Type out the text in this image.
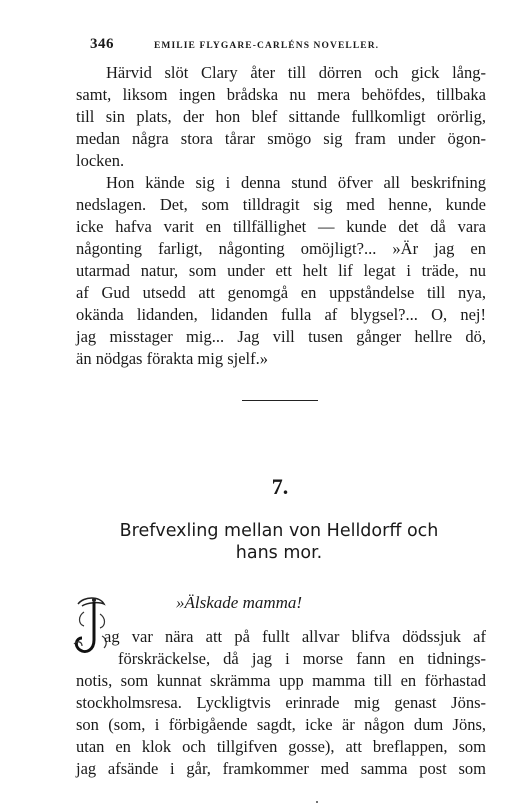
346	EMILIE FLYGARE-CARLÉNS NOVELLER.
Härvid slöt Clary åter till dörren och gick lång-
samt, liksom ingen brådska nu mera behöfdes, tillbaka
till sin plats, der hon blef sittande fullkomligt orörlig,
medan några stora tårar smögo sig fram under ögon-
locken.
Hon kände sig i denna stund öfver all beskrifning
nedslagen. Det, som tilldragit sig med henne, kunde
icke hafva varit en tillfällighet — kunde det då vara
någonting farligt, någonting omöjligt?... »Är jag en
utarmad natur, som under ett helt lif legat i träde, nu
af Gud utsedd att genomgå en uppståndelse till nya,
okända lidanden, lidanden fulla af blygsel?... O, nej!
jag misstager mig... Jag vill tusen gånger hellre dö,
än nödgas förakta mig sjelf.»
7.
Brefvexling mellan von Helldorff och
hans mor.
»Älskade mamma!
ag var nära att på fullt allvar blifva dödssjuk af
förskräckelse, då jag i morse fann en tidnings-
notis, som kunnat skrämma upp mamma till en förhastad
stockholmsresa. Lyckligtvis erinrade mig genast Jöns-
son (som, i förbigående sagdt, icke är någon dum Jöns,
utan en klok och tillgifven gosse), att breflappen, som
jag afsände i går, framkommer med samma post som
